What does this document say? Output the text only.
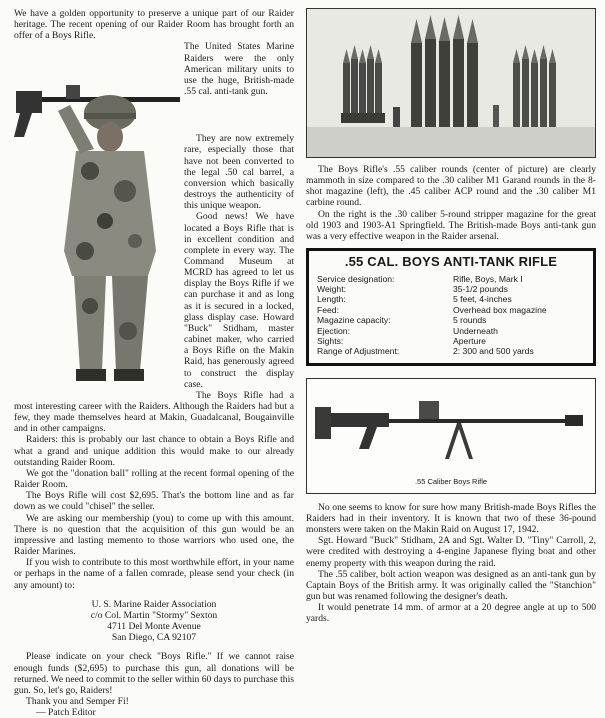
We have a golden opportunity to preserve a unique part of our Raider heritage. The recent opening of our Raider Room has brought forth an offer of a Boys Rifle.

The United States Marine Raiders were the only American military units to use the huge, British-made .55 cal. anti-tank gun.

They are now extremely rare, especially those that have not been converted to the legal .50 cal barrel, a conversion which basically destroys the authenticity of this unique weapon.

Good news! We have located a Boys Rifle that is in excellent condition and complete in every way. The Command Museum at MCRD has agreed to let us display the Boys Rifle if we can purchase it and as long as it is secured in a locked, glass display case. Howard "Buck" Stidham, master cabinet maker, who carried a Boys Rifle on the Makin Raid, has generously agreed to construct the display case.

The Boys Rifle had a most interesting career with the Raiders. Although the Raiders had but a few, they made themselves heard at Makin, Guadalcanal, Bougainville and in other campaigns.

Raiders: this is probably our last chance to obtain a Boys Rifle and what a grand and unique addition this would make to our already outstanding Raider Room.

We got the "donation ball" rolling at the recent formal opening of the Raider Room.

The Boys Rifle will cost $2,695. That's the bottom line and as far down as we could "chisel" the seller.

We are asking our membership (you) to come up with this amount. There is no question that the acquisition of this gun would be an impressive and lasting memento to those warriors who used one, the Raider Marines.

If you wish to contribute to this most worthwhile effort, in your name or perhaps in the name of a fallen comrade, please send your check (in any amount) to:

U. S. Marine Raider Association
c/o Col. Martin "Stormy" Sexton
4711 Del Monte Avenue
San Diego, CA 92107

Please indicate on your check "Boys Rifle." If we cannot raise enough funds ($2,695) to purchase this gun, all donations will be returned. We need to commit to the seller within 60 days to purchase this gun. So, let's go, Raiders!

Thank you and Semper Fi!

— Patch Editor

The Boys Rifle's .55 caliber rounds (center of picture) are clearly mammoth in size compared to the .30 caliber M1 Garand rounds in the 8-shot magazine (left), the .45 caliber ACP round and the .30 caliber M1 carbine round.

On the right is the .30 caliber 5-round stripper magazine for the great old 1903 and 1903-A1 Springfield. The British-made Boys anti-tank gun was a very effective weapon in the Raider arsenal.

.55 CAL. BOYS ANTI-TANK RIFLE
Service designation:	Rifle, Boys, Mark I
Weight:	35-1/2 pounds
Length:	5 feet, 4-inches
Feed:	Overhead box magazine
Magazine capacity:	5 rounds
Ejection:	Underneath
Sights:	Aperture
Range of Adjustment:	2: 300 and 500 yards
.55 Caliber Boys Rifle

No one seems to know for sure how many British-made Boys Rifles the Raiders had in their inventory. It is known that two of these 36-pound monsters were taken on the Makin Raid on August 17, 1942.

Sgt. Howard "Buck" Stidham, 2A and Sgt. Walter D. "Tiny" Carroll, 2, were credited with destroying a 4-engine Japanese flying boat and other enemy property with this weapon during the raid.

The .55 caliber, bolt action weapon was designed as an anti-tank gun by Captain Boys of the British army. It was originally called the "Stanchion" gun but was renamed following the designer's death.

It would penetrate 14 mm. of armor at a 20 degree angle at up to 500 yards.
